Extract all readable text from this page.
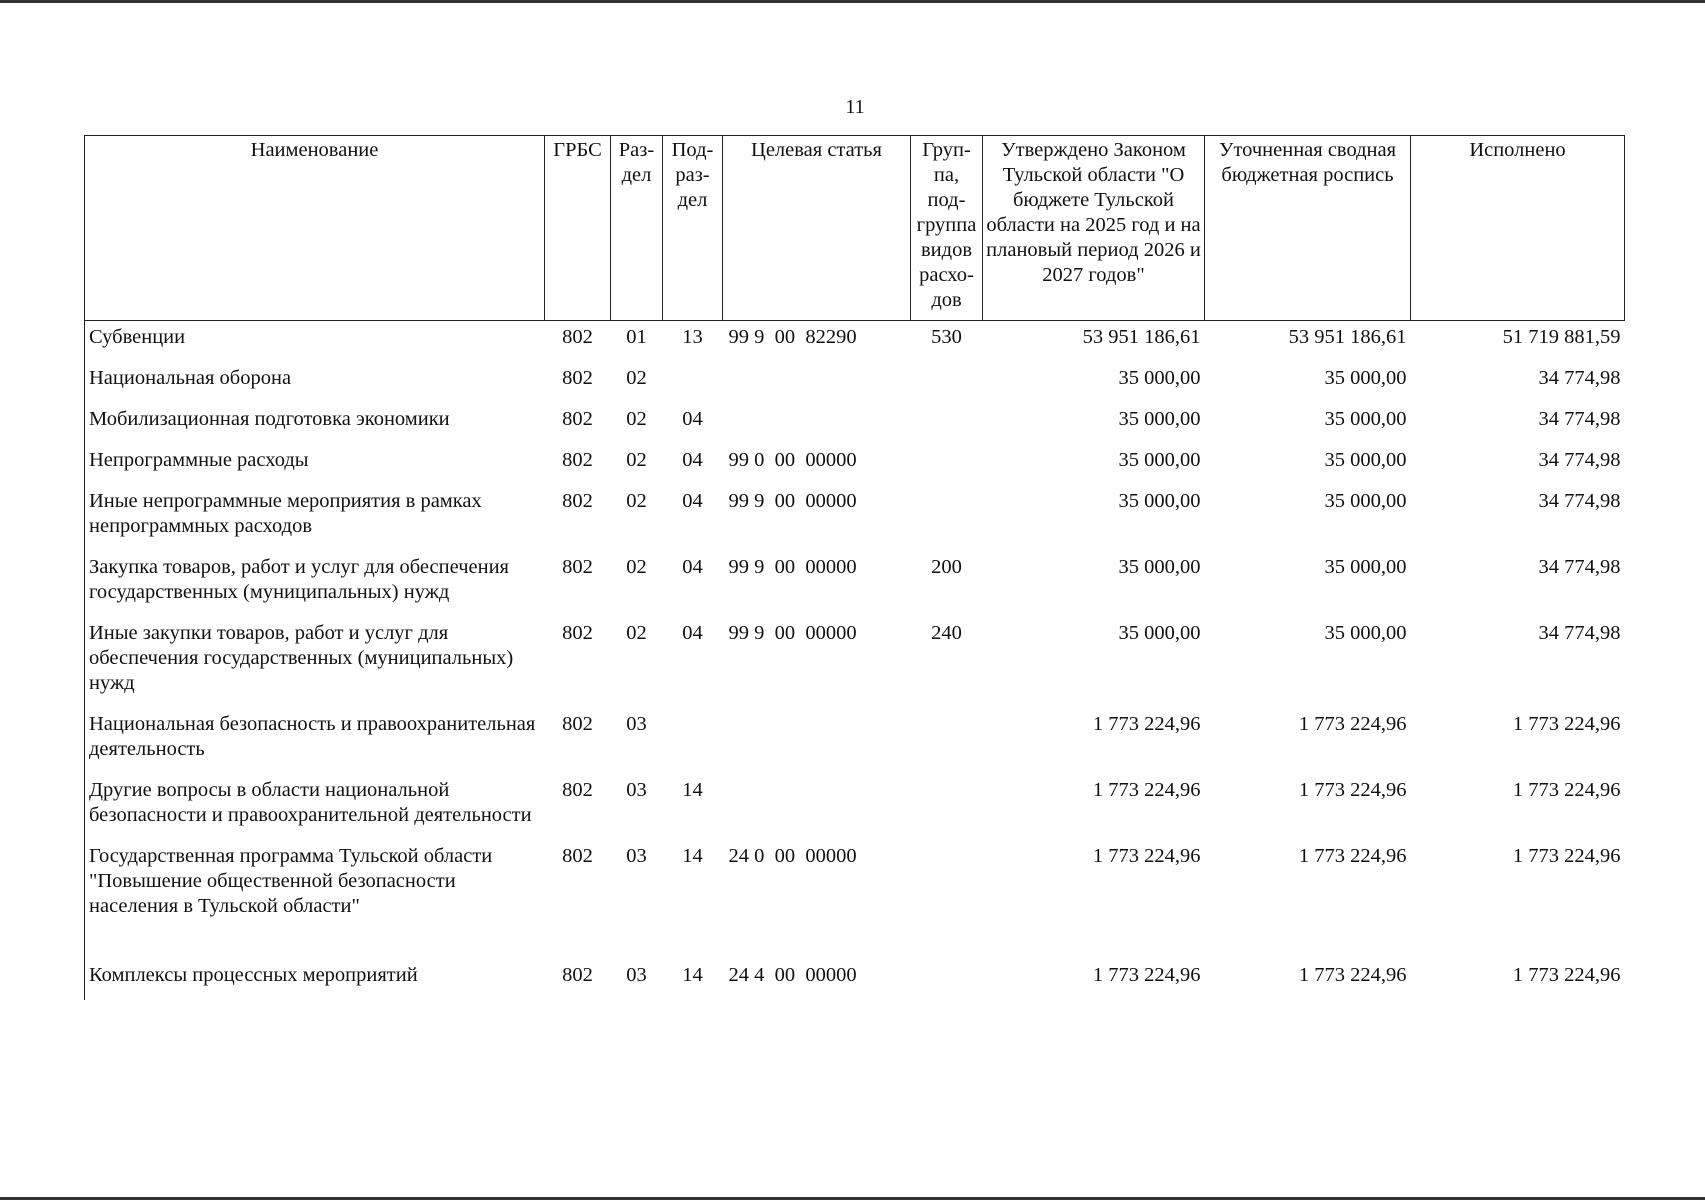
11
Наименование	ГРБС	Раз-дел	Под-раз-дел	Целевая статья	Груп-па, под-группа видов расхо-дов	Утверждено Законом Тульской области "О бюджете Тульской области на 2025 год и на плановый период 2026 и 2027 годов"	Уточненная сводная бюджетная роспись	Исполнено
Субвенции	802	01	13	99 9  00  82290	530	53 951 186,61	53 951 186,61	51 719 881,59
Национальная оборона	802	02				35 000,00	35 000,00	34 774,98
Мобилизационная подготовка экономики	802	02	04			35 000,00	35 000,00	34 774,98
Непрограммные расходы	802	02	04	99 0  00  00000		35 000,00	35 000,00	34 774,98
Иные непрограммные мероприятия в рамках непрограммных расходов	802	02	04	99 9  00  00000		35 000,00	35 000,00	34 774,98
Закупка товаров, работ и услуг для обеспечения государственных (муниципальных) нужд	802	02	04	99 9  00  00000	200	35 000,00	35 000,00	34 774,98
Иные закупки товаров, работ и услуг для обеспечения государственных (муниципальных) нужд	802	02	04	99 9  00  00000	240	35 000,00	35 000,00	34 774,98
Национальная безопасность и правоохранительная деятельность	802	03				1 773 224,96	1 773 224,96	1 773 224,96
Другие вопросы в области национальной безопасности и правоохранительной деятельности	802	03	14			1 773 224,96	1 773 224,96	1 773 224,96
Государственная программа Тульской области "Повышение общественной безопасности населения в Тульской области"	802	03	14	24 0  00  00000		1 773 224,96	1 773 224,96	1 773 224,96
Комплексы процессных мероприятий	802	03	14	24 4  00  00000		1 773 224,96	1 773 224,96	1 773 224,96
